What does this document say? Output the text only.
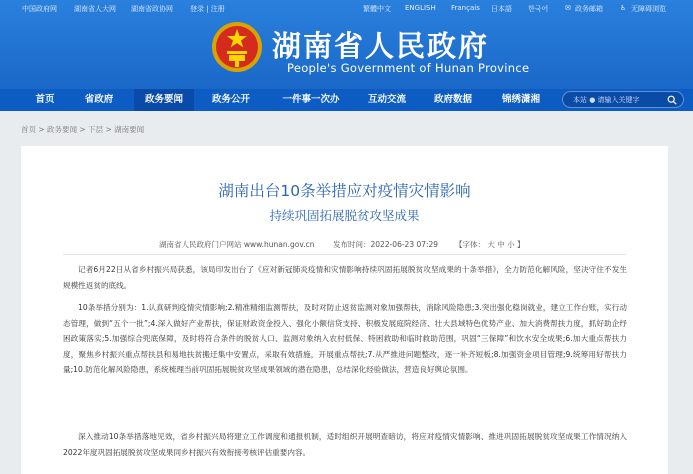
中国政府网 湖南省人大网 湖南省政协网 登录 | 注册	繁體中文 ENGLISH Français 日本語 한국어 ✉ 政务邮箱 ♿ 无障碍浏览
湖南省人民政府
People's Government of Hunan Province
首页	省政府	政务要闻	政务公开	一件事一次办	互动交流	政府数据	锦绣潇湘	本站 ● 请输入关键字
首页 > 政务要闻 > 下层 > 湖南要闻
湖南出台10条举措应对疫情灾情影响
持续巩固拓展脱贫攻坚成果
湖南省人民政府门户网站 www.hunan.gov.cn 发布时间：2022-06-23 07:29 【字体： 大 中 小 】

记者6月22日从省乡村振兴局获悉，该局印发出台了《应对新冠肺炎疫情和灾情影响持续巩固拓展脱贫攻坚成果的十条举措》，全力防范化解风险，坚决守住不发生规模性返贫的底线。

10条举措分别为：1.认真研判疫情灾情影响;2.精准精细监测帮扶，及时对防止返贫监测对象加强帮扶，消除风险隐患;3.突出强化稳岗就业，建立工作台账，实行动态管理，做到“五个一批”;4.深入做好产业帮扶，保证财政资金投入、强化小额信贷支持、积极发展庭院经济、壮大县域特色优势产业、加大消费帮扶力度，抓好助企纾困政策落实;5.加强综合兜底保障，及时将符合条件的脱贫人口、监测对象纳入农村低保、特困救助和临时救助范围，巩固“三保障”和饮水安全成果;6.加大重点帮扶力度，聚焦乡村振兴重点帮扶县和易地扶贫搬迁集中安置点，采取有效措施，开展重点帮扶;7.从严推进问题整改，逐一补齐短板;8.加强资金项目管理;9.统筹用好帮扶力量;10.防范化解风险隐患，系统梳理当前巩固拓展脱贫攻坚成果领域的潜在隐患，总结深化经验做法，营造良好舆论氛围。

深入推动10条举措落地见效，省乡村振兴局将建立工作调度和通报机制，适时组织开展明查暗访，将应对疫情灾情影响、推进巩固拓展脱贫攻坚成果工作情况纳入2022年度巩固拓展脱贫攻坚成果同乡村振兴有效衔接考核评估重要内容。
